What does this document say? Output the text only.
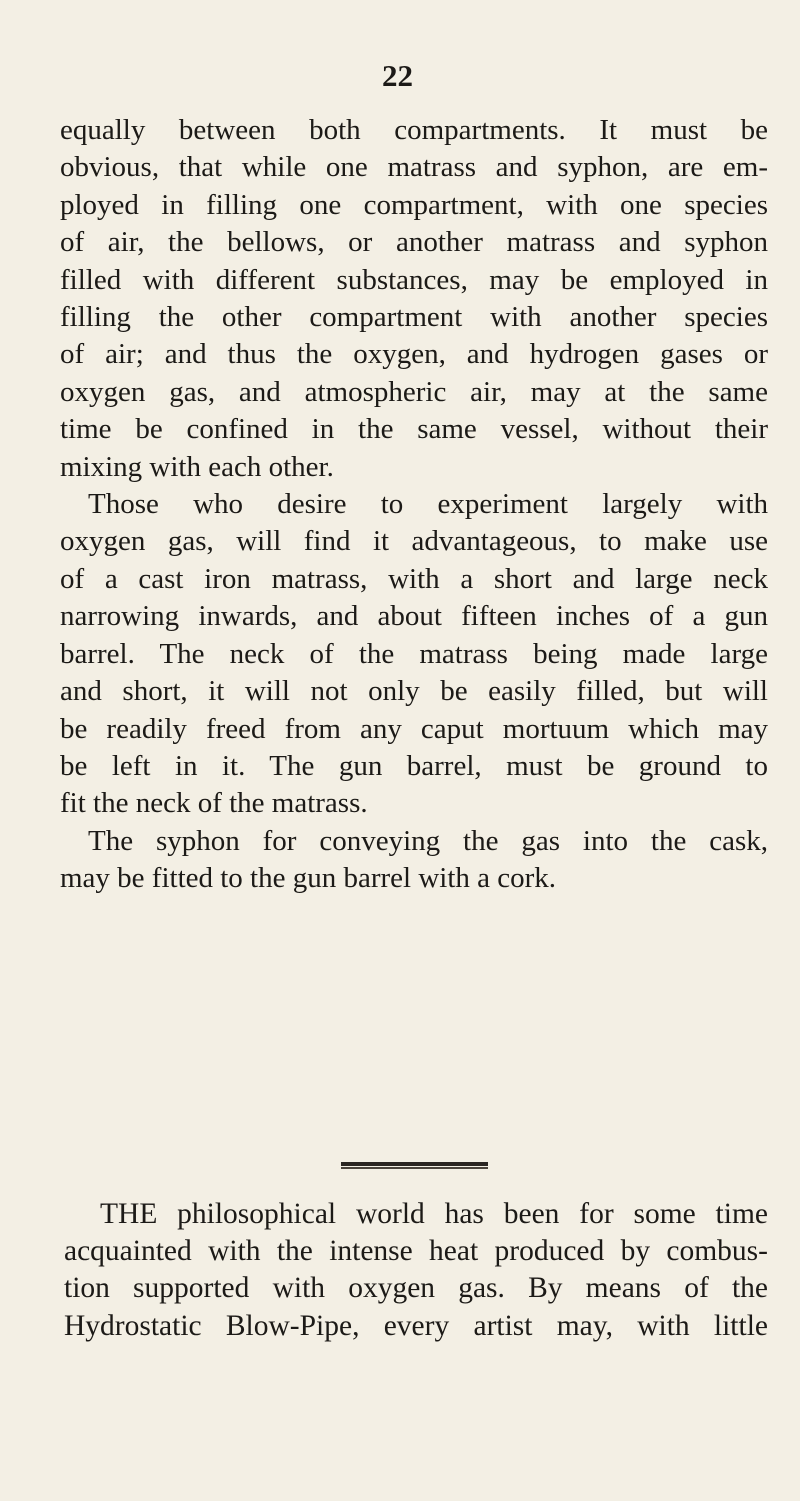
22
equally between both compartments. It must be
obvious, that while one matrass and syphon, are em-
ployed in filling one compartment, with one species
of air, the bellows, or another matrass and syphon
filled with different substances, may be employed in
filling the other compartment with another species
of air; and thus the oxygen, and hydrogen gases or
oxygen gas, and atmospheric air, may at the same
time be confined in the same vessel, without their
mixing with each other.
Those who desire to experiment largely with
oxygen gas, will find it advantageous, to make use
of a cast iron matrass, with a short and large neck
narrowing inwards, and about fifteen inches of a gun
barrel. The neck of the matrass being made large
and short, it will not only be easily filled, but will
be readily freed from any caput mortuum which may
be left in it. The gun barrel, must be ground to
fit the neck of the matrass.
The syphon for conveying the gas into the cask,
may be fitted to the gun barrel with a cork.
THE philosophical world has been for some time
acquainted with the intense heat produced by combus-
tion supported with oxygen gas. By means of the
Hydrostatic Blow-Pipe, every artist may, with little
